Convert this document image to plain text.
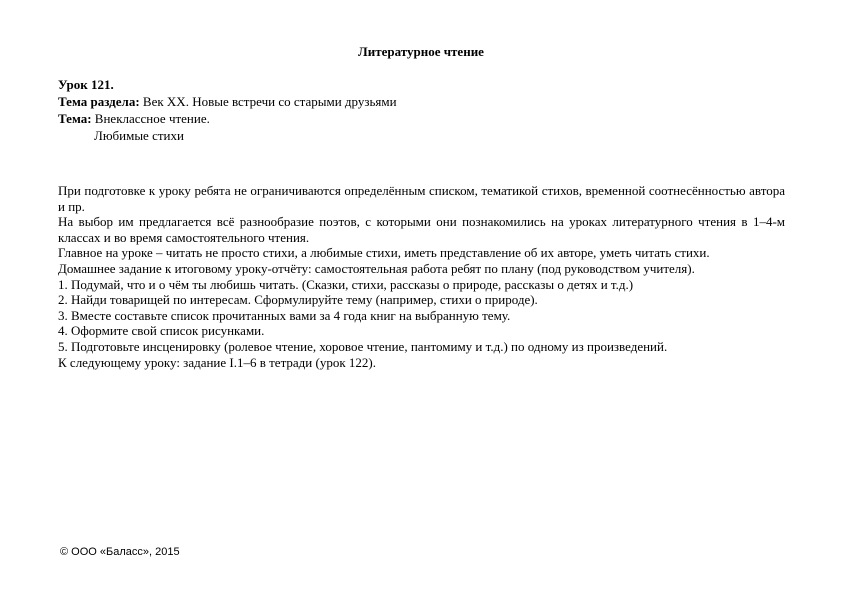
Литературное чтение
Урок 121.
Тема раздела: Век XX. Новые встречи со старыми друзьями
Тема: Внеклассное чтение.
Любимые стихи

При подготовке к уроку ребята не ограничиваются определённым списком, тематикой стихов, временной соотнесённостью автора и пр.

На выбор им предлагается всё разнообразие поэтов, с которыми они познакомились на уроках литературного чтения в 1–4-м классах и во время самостоятельного чтения.

Главное на уроке – читать не просто стихи, а любимые стихи, иметь представление об их авторе, уметь читать стихи.

Домашнее задание к итоговому уроку-отчёту: самостоятельная работа ребят по плану (под руководством учителя).

1. Подумай, что и о чём ты любишь читать. (Сказки, стихи, рассказы о природе, рассказы о детях и т.д.)

2. Найди товарищей по интересам. Сформулируйте тему (например, стихи о природе).

3. Вместе составьте список прочитанных вами за 4 года книг на выбранную тему.

4. Оформите свой список рисунками.

5. Подготовьте инсценировку (ролевое чтение, хоровое чтение, пантомиму и т.д.) по одному из произведений.

К следующему уроку: задание I.1–6 в тетради (урок 122).

© ООО «Баласс», 2015
